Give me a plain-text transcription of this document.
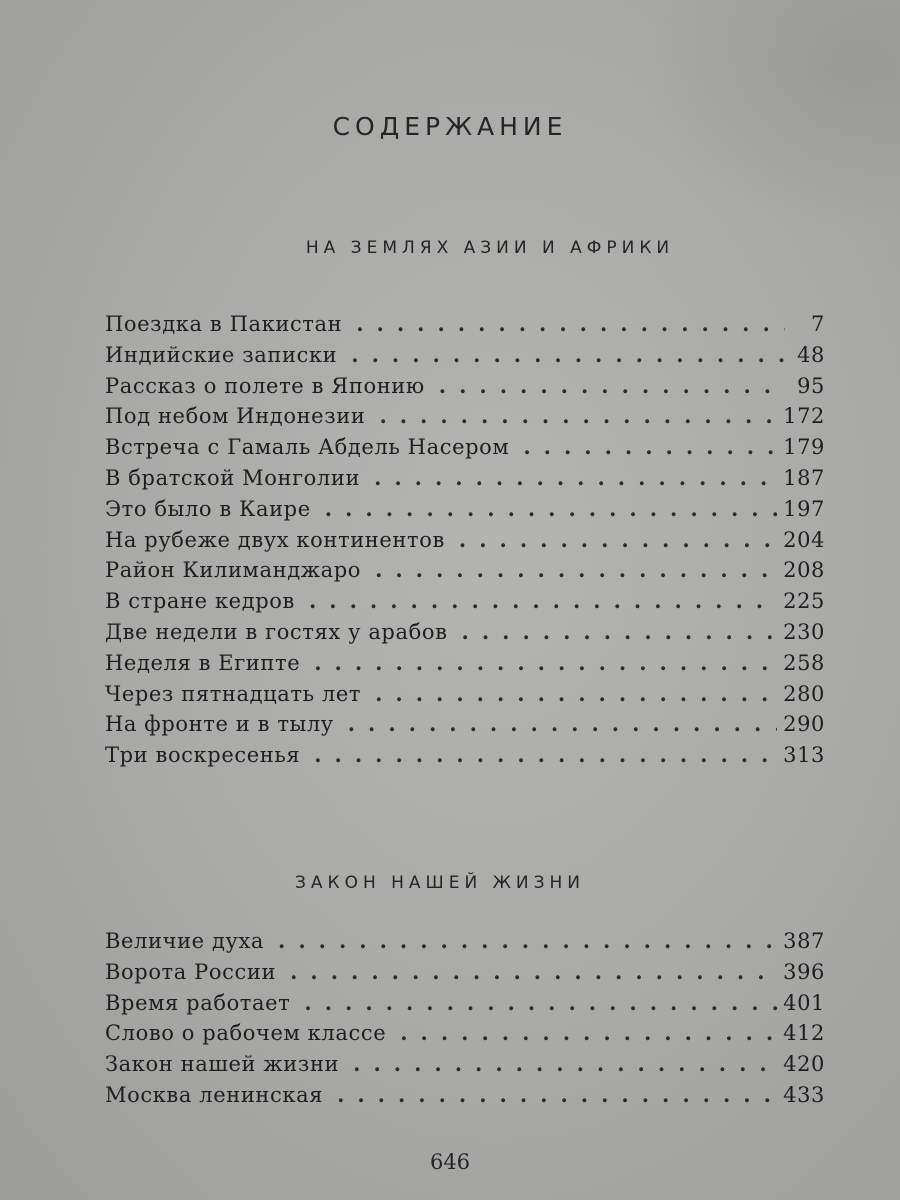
СОДЕРЖАНИЕ
НА ЗЕМЛЯХ АЗИИ И АФРИКИ
Поездка в Пакистан .....	7
Индийские записки .....	48
Рассказ о полете в Японию .....	95
Под небом Индонезии .....	172
Встреча с Гамаль Абдель Насером .....	179
В братской Монголии .....	187
Это было в Каире .....	197
На рубеже двух континентов .....	204
Район Килиманджаро .....	208
В стране кедров .....	225
Две недели в гостях у арабов .....	230
Неделя в Египте .....	258
Через пятнадцать лет .....	280
На фронте и в тылу .....	290
Три воскресенья .....	313
ЗАКОН НАШЕЙ ЖИЗНИ
Величие духа .....	387
Ворота России .....	396
Время работает .....	401
Слово о рабочем классе .....	412
Закон нашей жизни .....	420
Москва ленинская .....	433
646
